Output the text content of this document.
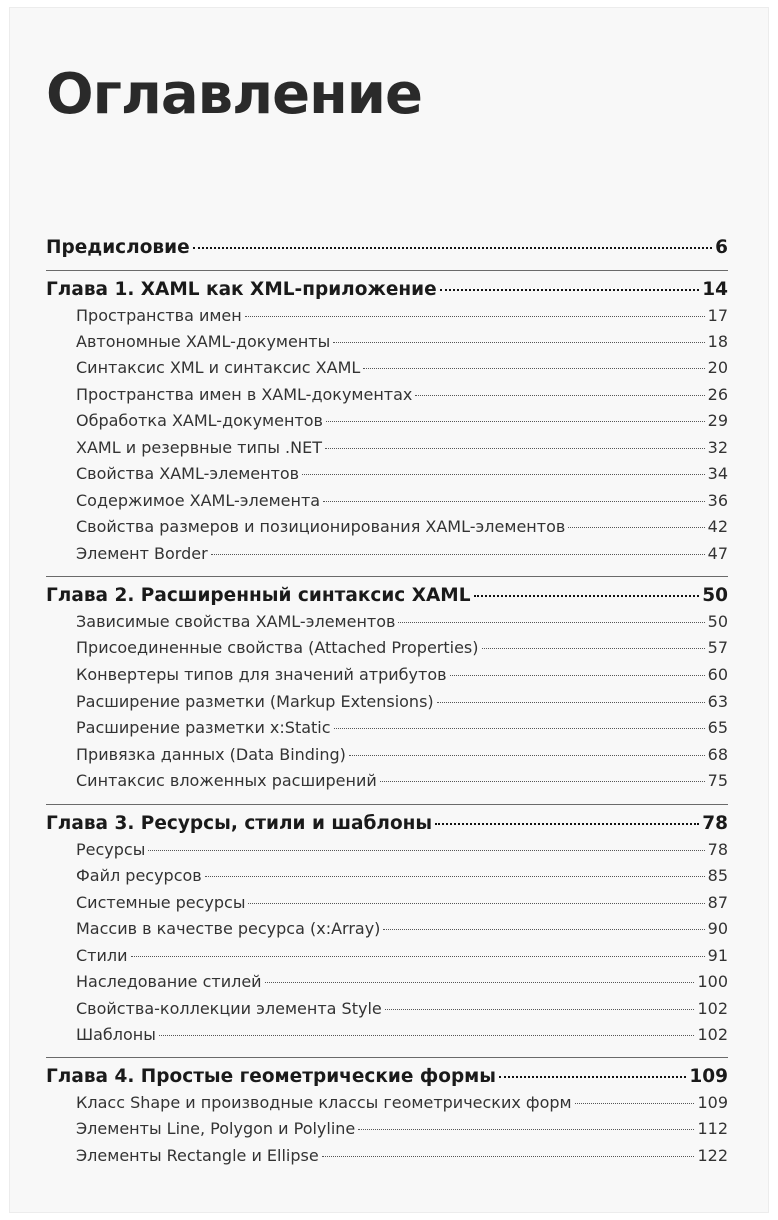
Оглавление
Предисловие	6
Глава 1. XAML как XML-приложение	14
Пространства имен	17
Автономные XAML-документы	18
Синтаксис XML и синтаксис XAML	20
Пространства имен в XAML-документах	26
Обработка XAML-документов	29
XAML и резервные типы .NET	32
Свойства XAML-элементов	34
Содержимое XAML-элемента	36
Свойства размеров и позиционирования XAML-элементов	42
Элемент Border	47
Глава 2. Расширенный синтаксис XAML	50
Зависимые свойства XAML-элементов	50
Присоединенные свойства (Attached Properties)	57
Конвертеры типов для значений атрибутов	60
Расширение разметки (Markup Extensions)	63
Расширение разметки x:Static	65
Привязка данных (Data Binding)	68
Синтаксис вложенных расширений	75
Глава 3. Ресурсы, стили и шаблоны	78
Ресурсы	78
Файл ресурсов	85
Системные ресурсы	87
Массив в качестве ресурса (x:Array)	90
Стили	91
Наследование стилей	100
Свойства-коллекции элемента Style	102
Шаблоны	102
Глава 4. Простые геометрические формы	109
Класс Shape и производные классы геометрических форм	109
Элементы Line, Polygon и Polyline	112
Элементы Rectangle и Ellipse	122
